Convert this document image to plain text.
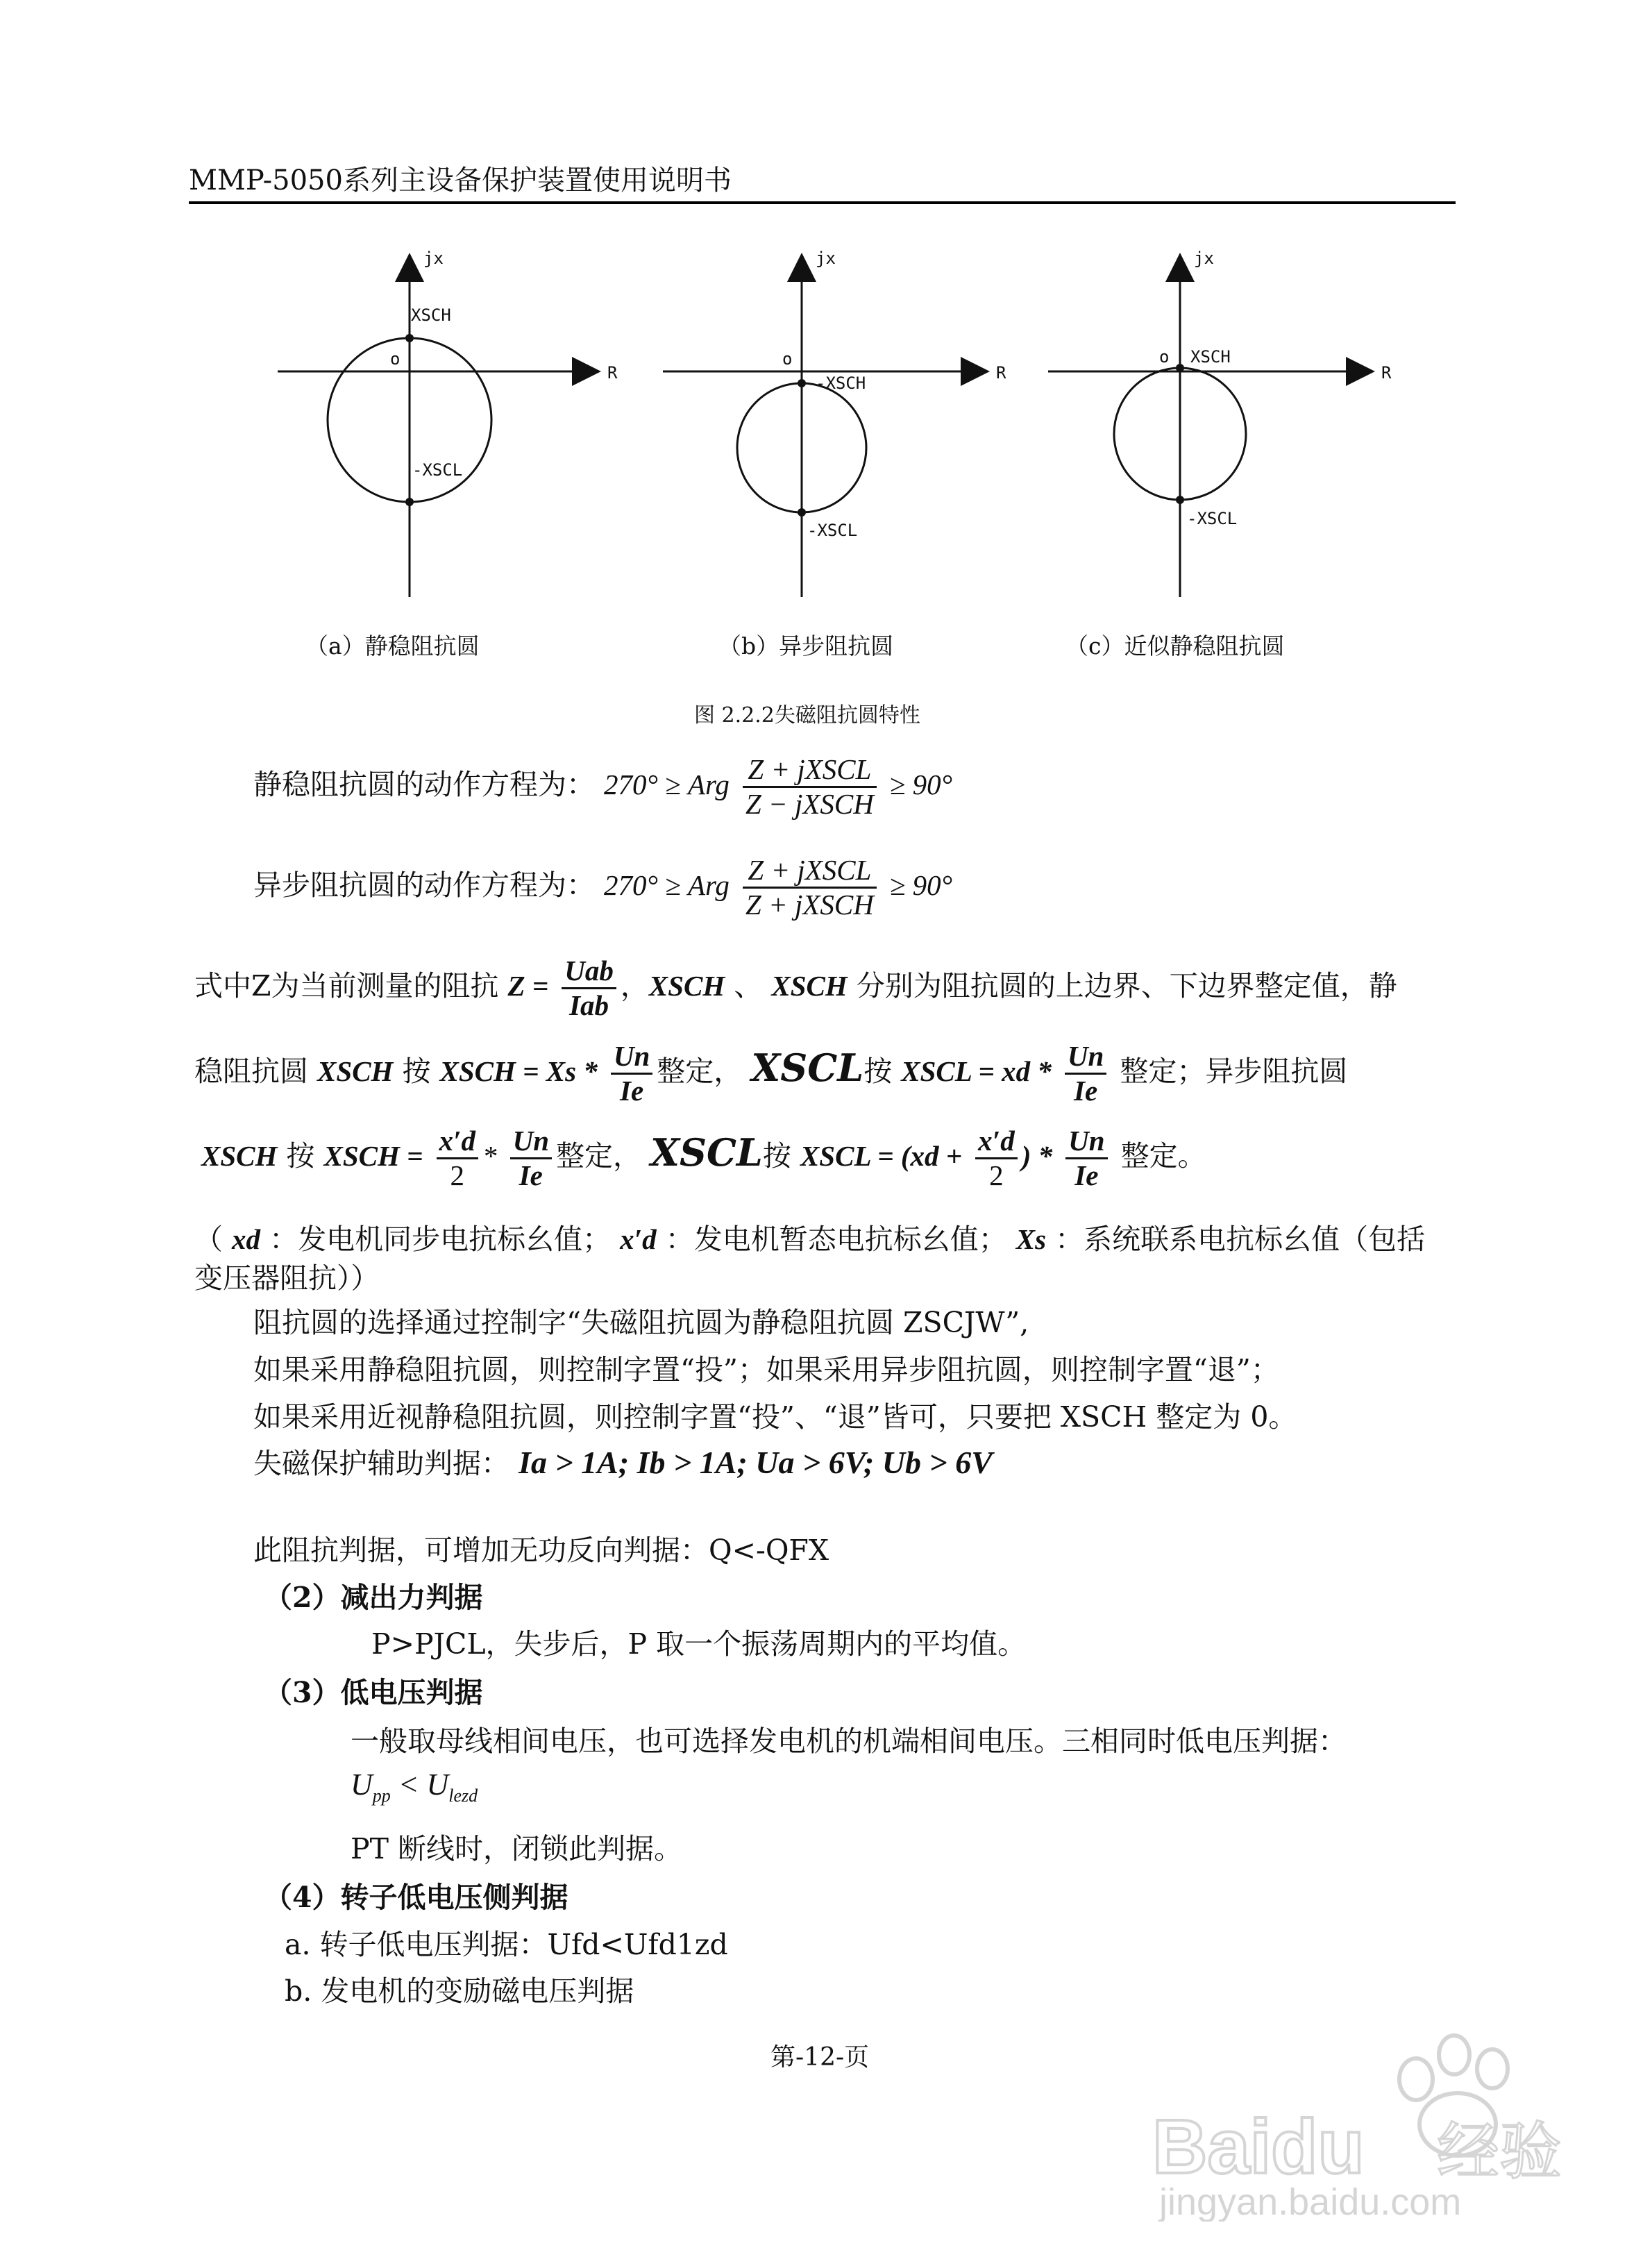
MMP-5050系列主设备保护装置使用说明书
jx
R
o
XSCH
-XSCL
jx
R
o
-XSCH
-XSCL
jx
R
o XSCH
-XSCL
（a）静稳阻抗圆	（b）异步阻抗圆	（c）近似静稳阻抗圆
图 2.2.2失磁阻抗圆特性
静稳阻抗圆的动作方程为： 270° ≥ Arg $\frac{\text{Z + jXSCL}}{\text{Z − jXSCH}} \ge 90^\circ$
异步阻抗圆的动作方程为： 270° ≥ Arg $\frac{\text{Z + jXSCL}}{\text{Z + jXSCH}} \ge 90^\circ$
式中Z为当前测量的阻抗 $Z = \frac{\text{Uab}}{\text{Iab}}$ ，XSCH 、 XSCH 分别为阻抗圆的上边界、下边界整定值，静
稳阻抗圆 XSCH 按 XSCH = Xs * $\frac{Un}{Ie}$ 整定， XSCL按 XSCL = xd * $\frac{Un}{Ie}$ 整定；异步阻抗圆
XSCH 按 XSCH = $\frac{x'd}{2} * \frac{Un}{Ie}$ 整定， XSCL按 XSCL = ($xd + \frac{x'd}{2}$ ) * $\frac{Un}{Ie}$ 整定。
（ xd ：发电机同步电抗标幺值； x′d ：发电机暂态电抗标幺值； Xs ：系统联系电抗标幺值（包括
变压器阻抗））
阻抗圆的选择通过控制字“失磁阻抗圆为静稳阻抗圆 ZSCJW”,
如果采用静稳阻抗圆，则控制字置“投”；如果采用异步阻抗圆，则控制字置“退”；
如果采用近视静稳阻抗圆，则控制字置“投”、“退”皆可，只要把 XSCH 整定为 0。
失磁保护辅助判据： Ia > 1A; Ib > 1A; Ua > 6V; Ub > 6V
此阻抗判据，可增加无功反向判据：Q<-QFX
（2）减出力判据
P>PJCL，失步后，P 取一个振荡周期内的平均值。
（3）低电压判据
一般取母线相间电压，也可选择发电机的机端相间电压。三相同时低电压判据：
$U_{pp} < U_{lezd}$
PT 断线时，闭锁此判据。
（4）转子低电压侧判据
a. 转子低电压判据：Ufd<Ufd1zd
b. 发电机的变励磁电压判据
第-12-页
Baidu 经验
jingyan.baidu.com
